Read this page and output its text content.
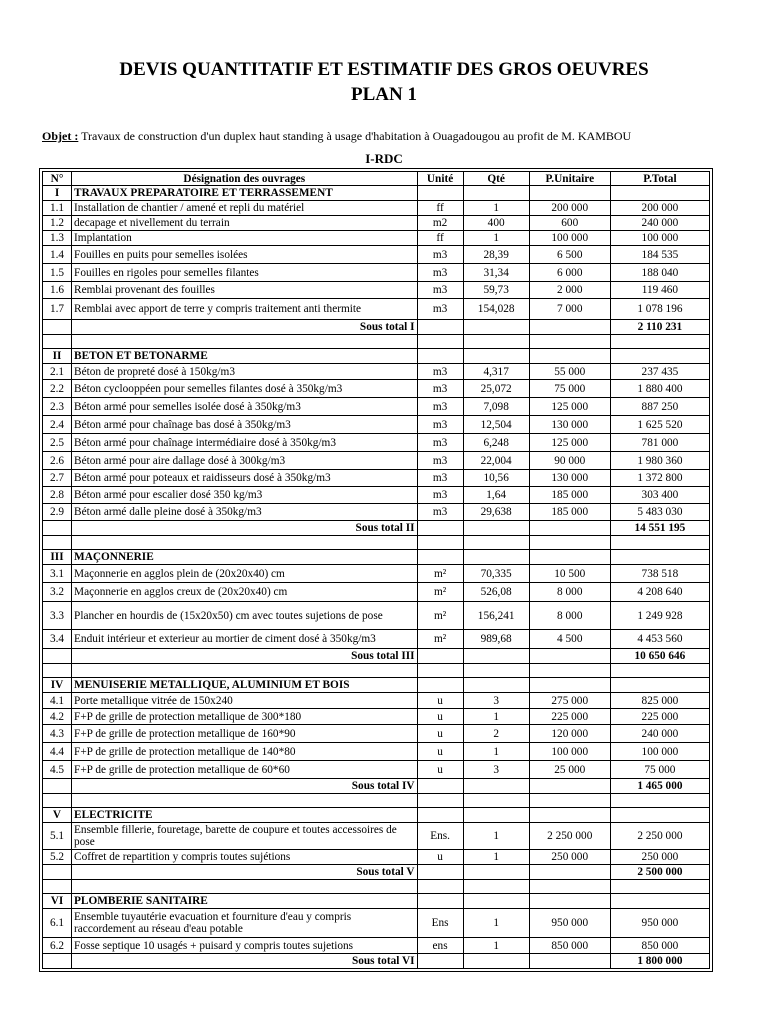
DEVIS QUANTITATIF ET ESTIMATIF DES GROS OEUVRES
PLAN 1
Objet : Travaux de construction d'un duplex haut standing à usage d'habitation à Ouagadougou au profit de M. KAMBOU
I-RDC
N°	Désignation des ouvrages	Unité	Qté	P.Unitaire	P.Total
I	TRAVAUX PREPARATOIRE ET TERRASSEMENT				
1.1	Installation de chantier / amené et repli du matériel	ff	1	200 000	200 000
1.2	decapage et nivellement du terrain	m2	400	600	240 000
1.3	Implantation	ff	1	100 000	100 000
1.4	Fouilles en puits pour semelles isolées	m3	28,39	6 500	184 535
1.5	Fouilles en rigoles pour semelles filantes	m3	31,34	6 000	188 040
1.6	Remblai provenant des fouilles	m3	59,73	2 000	119 460
1.7	Remblai avec apport de terre y compris traitement anti thermite	m3	154,028	7 000	1 078 196
	Sous total I				2 110 231

II	BETON ET BETONARME				
2.1	Béton de propreté dosé à 150kg/m3	m3	4,317	55 000	237 435
2.2	Béton cyclooppéen pour semelles filantes dosé à 350kg/m3	m3	25,072	75 000	1 880 400
2.3	Béton armé pour semelles isolée dosé à 350kg/m3	m3	7,098	125 000	887 250
2.4	Béton armé pour chaînage bas dosé à 350kg/m3	m3	12,504	130 000	1 625 520
2.5	Béton armé pour chaînage intermédiaire dosé à 350kg/m3	m3	6,248	125 000	781 000
2.6	Béton armé pour aire dallage dosé à 300kg/m3	m3	22,004	90 000	1 980 360
2.7	Béton armé pour poteaux et raidisseurs dosé à 350kg/m3	m3	10,56	130 000	1 372 800
2.8	Béton armé pour escalier dosé 350 kg/m3	m3	1,64	185 000	303 400
2.9	Béton armé dalle pleine dosé à 350kg/m3	m3	29,638	185 000	5 483 030
	Sous total II				14 551 195

III	MAÇONNERIE				
3.1	Maçonnerie en agglos plein de (20x20x40) cm	m²	70,335	10 500	738 518
3.2	Maçonnerie en agglos creux de (20x20x40) cm	m²	526,08	8 000	4 208 640
3.3	Plancher en hourdis de (15x20x50) cm avec toutes sujetions de pose	m²	156,241	8 000	1 249 928
3.4	Enduit intérieur et exterieur au mortier de ciment dosé à 350kg/m3	m²	989,68	4 500	4 453 560
	Sous total III				10 650 646

IV	MENUISERIE METALLIQUE, ALUMINIUM ET BOIS				
4.1	Porte metallique vitrée de 150x240	u	3	275 000	825 000
4.2	F+P de grille de protection metallique de 300*180	u	1	225 000	225 000
4.3	F+P de grille de protection metallique de 160*90	u	2	120 000	240 000
4.4	F+P de grille de protection metallique de 140*80	u	1	100 000	100 000
4.5	F+P de grille de protection metallique de 60*60	u	3	25 000	75 000
	Sous total IV				1 465 000

V	ELECTRICITE				
5.1	Ensemble fillerie, fouretage, barette de coupure et toutes accessoires de pose	Ens.	1	2 250 000	2 250 000
5.2	Coffret de repartition y compris toutes sujétions	u	1	250 000	250 000
	Sous total V				2 500 000

VI	PLOMBERIE SANITAIRE				
6.1	Ensemble tuyautérie evacuation et fourniture d'eau y compris raccordement au réseau d'eau potable	Ens	1	950 000	950 000
6.2	Fosse septique 10 usagés + puisard y compris toutes sujetions	ens	1	850 000	850 000
	Sous total VI				1 800 000
